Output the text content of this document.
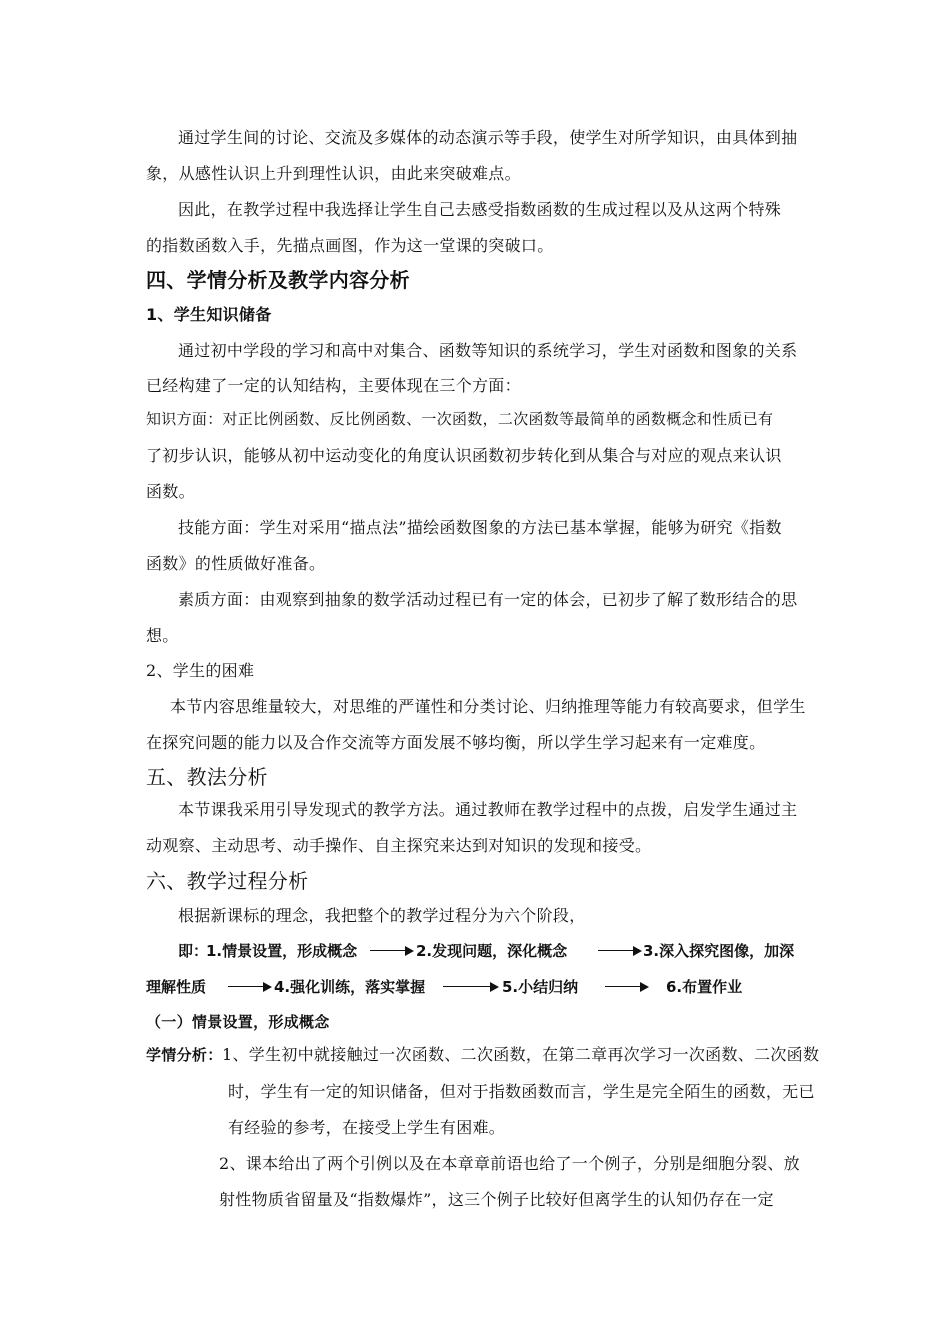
通过学生间的讨论、交流及多媒体的动态演示等手段，使学生对所学知识，由具体到抽
象，从感性认识上升到理性认识，由此来突破难点。
因此，在教学过程中我选择让学生自己去感受指数函数的生成过程以及从这两个特殊
的指数函数入手，先描点画图，作为这一堂课的突破口。
四、学情分析及教学内容分析
1、学生知识储备
通过初中学段的学习和高中对集合、函数等知识的系统学习，学生对函数和图象的关系
已经构建了一定的认知结构，主要体现在三个方面：
知识方面：对正比例函数、反比例函数、一次函数，二次函数等最简单的函数概念和性质已有
了初步认识，能够从初中运动变化的角度认识函数初步转化到从集合与对应的观点来认识
函数。
技能方面：学生对采用“描点法”描绘函数图象的方法已基本掌握，能够为研究《指数
函数》的性质做好准备。
素质方面：由观察到抽象的数学活动过程已有一定的体会，已初步了解了数形结合的思
想。
2、学生的困难
本节内容思维量较大，对思维的严谨性和分类讨论、归纳推理等能力有较高要求，但学生
在探究问题的能力以及合作交流等方面发展不够均衡，所以学生学习起来有一定难度。
五、教法分析
本节课我采用引导发现式的教学方法。通过教师在教学过程中的点拨，启发学生通过主
动观察、主动思考、动手操作、自主探究来达到对知识的发现和接受。
六、教学过程分析
根据新课标的理念，我把整个的教学过程分为六个阶段，
即：
1.情景设置，形成概念	2.发现问题，深化概念	3.深入探究图像，加深
理解性质	4.强化训练，落实掌握	5.小结归纳	6.布置作业
（一）情景设置，形成概念
学情分析： 1、学生初中就接触过一次函数、二次函数，在第二章再次学习一次函数、二次函数
时，学生有一定的知识储备，但对于指数函数而言，学生是完全陌生的函数，无已
有经验的参考，在接受上学生有困难。
2、课本给出了两个引例以及在本章章前语也给了一个例子，分别是细胞分裂、放
射性物质省留量及“指数爆炸”，这三个例子比较好但离学生的认知仍存在一定
